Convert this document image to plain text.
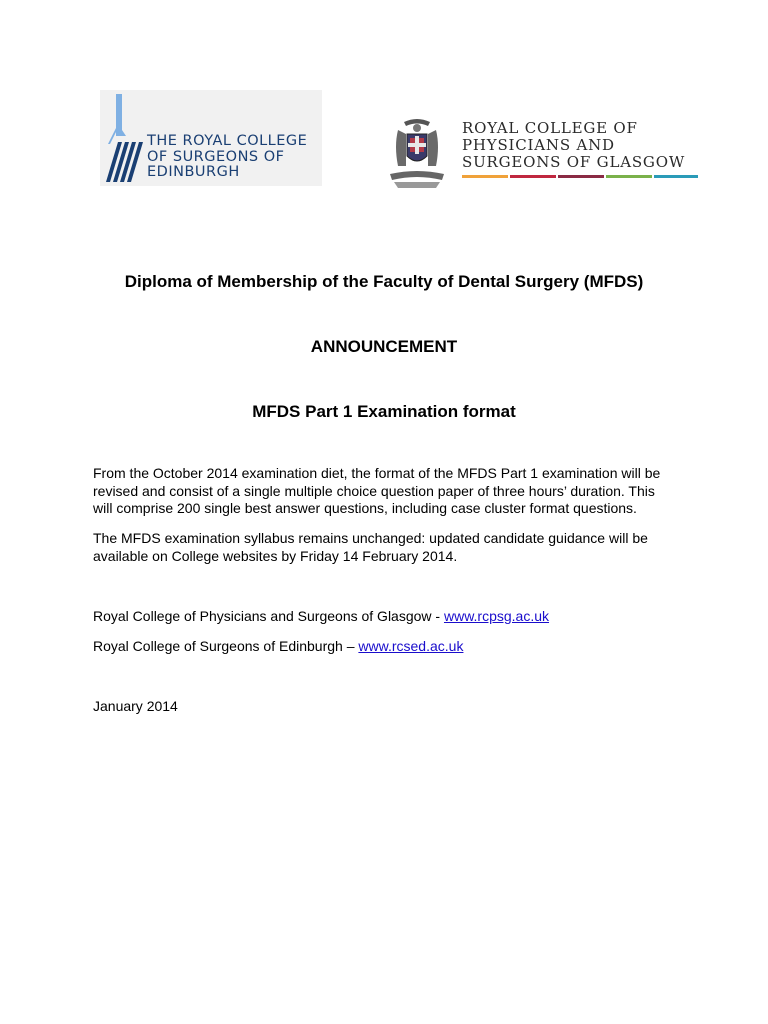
THE ROYAL COLLEGE
OF SURGEONS OF
EDINBURGH
ROYAL COLLEGE OF
PHYSICIANS AND
SURGEONS OF GLASGOW
Diploma of Membership of the Faculty of Dental Surgery (MFDS)
ANNOUNCEMENT
MFDS Part 1 Examination format
From the October 2014 examination diet, the format of the MFDS Part 1 examination will be
revised and consist of a single multiple choice question paper of three hours’ duration. This
will comprise 200 single best answer questions, including case cluster format questions.
The MFDS examination syllabus remains unchanged: updated candidate guidance will be
available on College websites by Friday 14 February 2014.
Royal College of Physicians and Surgeons of Glasgow - www.rcpsg.ac.uk
Royal College of Surgeons of Edinburgh – www.rcsed.ac.uk
January 2014
